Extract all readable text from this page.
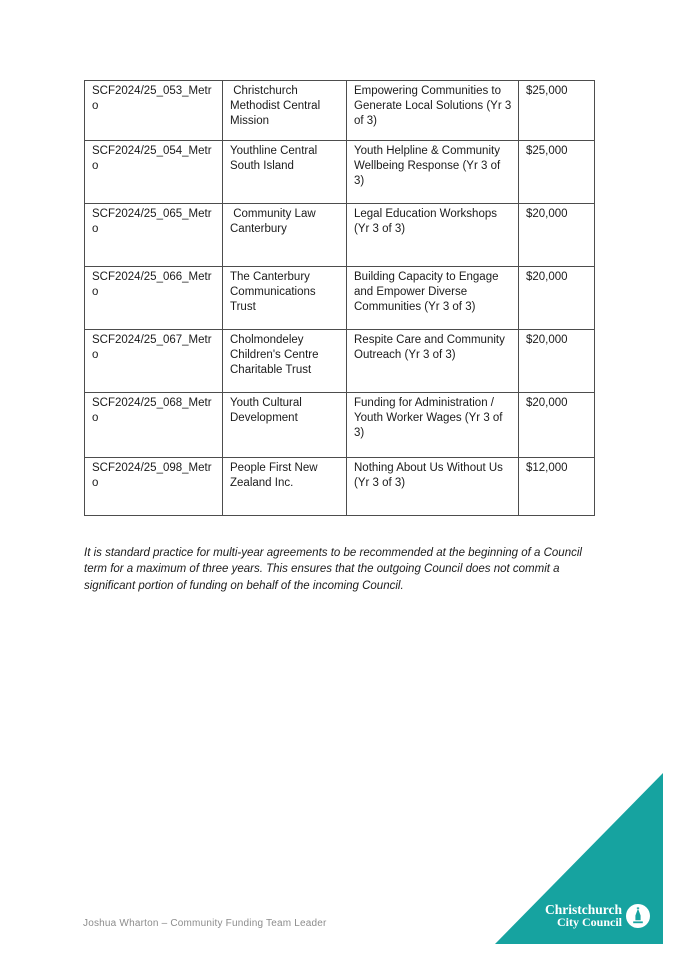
SCF2024/25_053_Metro	Christchurch Methodist Central Mission	Empowering Communities to Generate Local Solutions (Yr 3 of 3)	$25,000
SCF2024/25_054_Metro	Youthline Central South Island	Youth Helpline & Community Wellbeing Response (Yr 3 of 3)	$25,000
SCF2024/25_065_Metro	Community Law Canterbury	Legal Education Workshops (Yr 3 of 3)	$20,000
SCF2024/25_066_Metro	The Canterbury Communications Trust	Building Capacity to Engage and Empower Diverse Communities (Yr 3 of 3)	$20,000
SCF2024/25_067_Metro	Cholmondeley Children's Centre Charitable Trust	Respite Care and Community Outreach (Yr 3 of 3)	$20,000
SCF2024/25_068_Metro	Youth Cultural Development	Funding for Administration / Youth Worker Wages (Yr 3 of 3)	$20,000
SCF2024/25_098_Metro	People First New Zealand Inc.	Nothing About Us Without Us (Yr 3 of 3)	$12,000

It is standard practice for multi-year agreements to be recommended at the beginning of a Council term for a maximum of three years. This ensures that the outgoing Council does not commit a significant portion of funding on behalf of the incoming Council.

Joshua Wharton – Community Funding Team Leader
Christchurch
City Council
